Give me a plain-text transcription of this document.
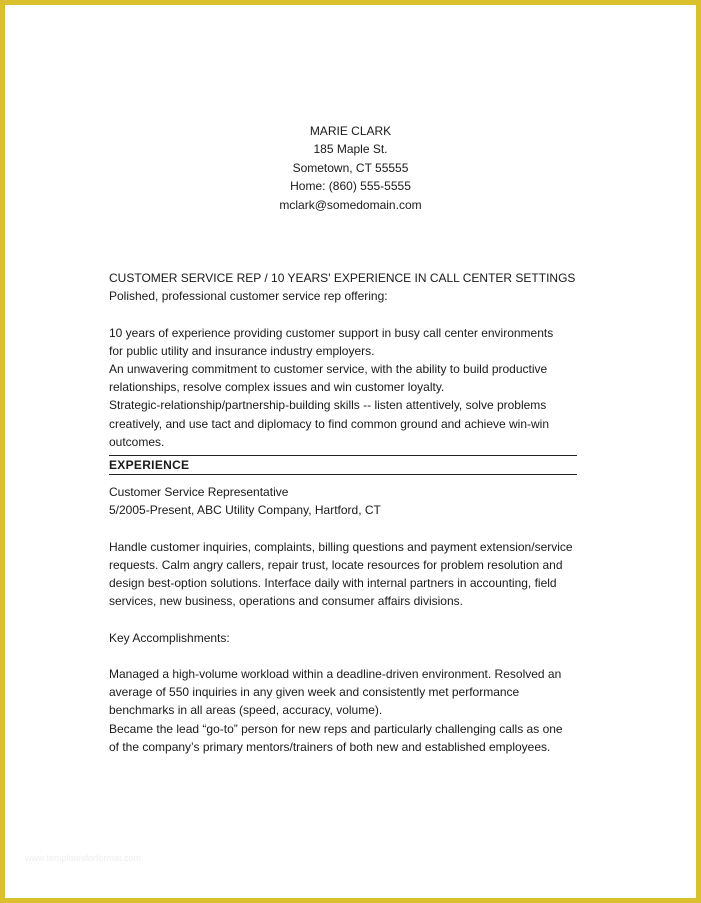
MARIE CLARK
185 Maple St.
Sometown, CT 55555
Home: (860) 555-5555
mclark@somedomain.com
CUSTOMER SERVICE REP / 10 YEARS' EXPERIENCE IN CALL CENTER SETTINGS
Polished, professional customer service rep offering:
10 years of experience providing customer support in busy call center environments
for public utility and insurance industry employers.
An unwavering commitment to customer service, with the ability to build productive
relationships, resolve complex issues and win customer loyalty.
Strategic-relationship/partnership-building skills -- listen attentively, solve problems
creatively, and use tact and diplomacy to find common ground and achieve win-win
outcomes.
EXPERIENCE
Customer Service Representative
5/2005-Present, ABC Utility Company, Hartford, CT
Handle customer inquiries, complaints, billing questions and payment extension/service
requests. Calm angry callers, repair trust, locate resources for problem resolution and
design best-option solutions. Interface daily with internal partners in accounting, field
services, new business, operations and consumer affairs divisions.
Key Accomplishments:
Managed a high-volume workload within a deadline-driven environment. Resolved an
average of 550 inquiries in any given week and consistently met performance
benchmarks in all areas (speed, accuracy, volume).
Became the lead “go-to” person for new reps and particularly challenging calls as one
of the company’s primary mentors/trainers of both new and established employees.
www.templatesforformat.com
